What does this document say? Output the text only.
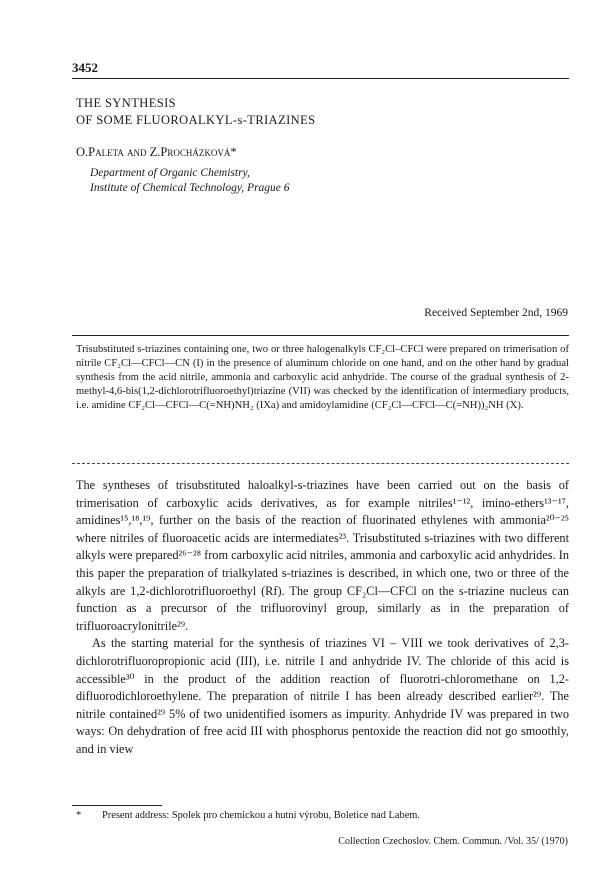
3452
THE SYNTHESIS
OF SOME FLUOROALKYL-s-TRIAZINES
O.Paleta and Z.Procházková*
Department of Organic Chemistry,
Institute of Chemical Technology, Prague 6
Received September 2nd, 1969

Trisubstituted s-triazines containing one, two or three halogenalkyls CF₂Cl–CFCl were prepared on trimerisation of nitrile CF₂Cl—CFCl—CN (I) in the presence of aluminum chloride on one hand, and on the other hand by gradual synthesis from the acid nitrile, ammonia and carboxylic acid anhydride. The course of the gradual synthesis of 2-methyl-4,6-bis(1,2-dichlorotrifluoroethyl)triazine (VII) was checked by the identification of intermediary products, i.e. amidine CF₂Cl—CFCl—C(=NH)NH₂ (IXa) and amidoylamidine (CF₂Cl—CFCl—C(=NH))₂NH (X).

The syntheses of trisubstituted haloalkyl-s-triazines have been carried out on the basis of trimerisation of carboxylic acids derivatives, as for example nitriles¹⁻¹², imino-ethers¹³⁻¹⁷, amidines¹⁵,¹⁸,¹⁹, further on the basis of the reaction of fluorinated ethylenes with ammonia²⁰⁻²⁵ where nitriles of fluoroacetic acids are intermediates²³. Trisubstituted s-triazines with two different alkyls were prepared²⁶⁻²⁸ from carboxylic acid nitriles, ammonia and carboxylic acid anhydrides. In this paper the preparation of trialkylated s-triazines is described, in which one, two or three of the alkyls are 1,2-dichlorotrifluoroethyl (Rf). The group CF₂Cl—CFCl on the s-triazine nucleus can function as a precursor of the trifluorovinyl group, similarly as in the preparation of trifluoroacrylonitrile²⁹.

As the starting material for the synthesis of triazines VI – VIII we took derivatives of 2,3-dichlorotrifluoropropionic acid (III), i.e. nitrile I and anhydride IV. The chloride of this acid is accessible³⁰ in the product of the addition reaction of fluorotri-chloromethane on 1,2-difluorodichloroethylene. The preparation of nitrile I has been already described earlier²⁹. The nitrile contained²⁹ 5% of two unidentified isomers as impurity. Anhydride IV was prepared in two ways: On dehydration of free acid III with phosphorus pentoxide the reaction did not go smoothly, and in view

* Present address: Spolek pro chemickou a hutní výrobu, Boletice nad Labem.
Collection Czechoslov. Chem. Commun. /Vol. 35/ (1970)
